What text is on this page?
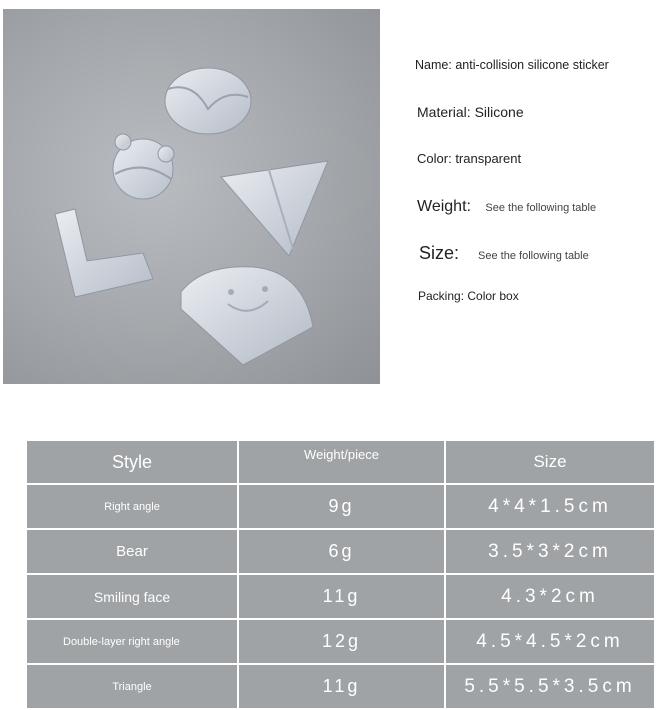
Name: anti-collision silicone sticker
Material: Silicone
Color: transparent
Weight: See the following table
Size: See the following table
Packing: Color box
Style	Weight/piece	Size
Right angle	9g	4*4*1.5cm
Bear	6g	3.5*3*2cm
Smiling face	11g	4.3*2cm
Double-layer right angle	12g	4.5*4.5*2cm
Triangle	11g	5.5*5.5*3.5cm
